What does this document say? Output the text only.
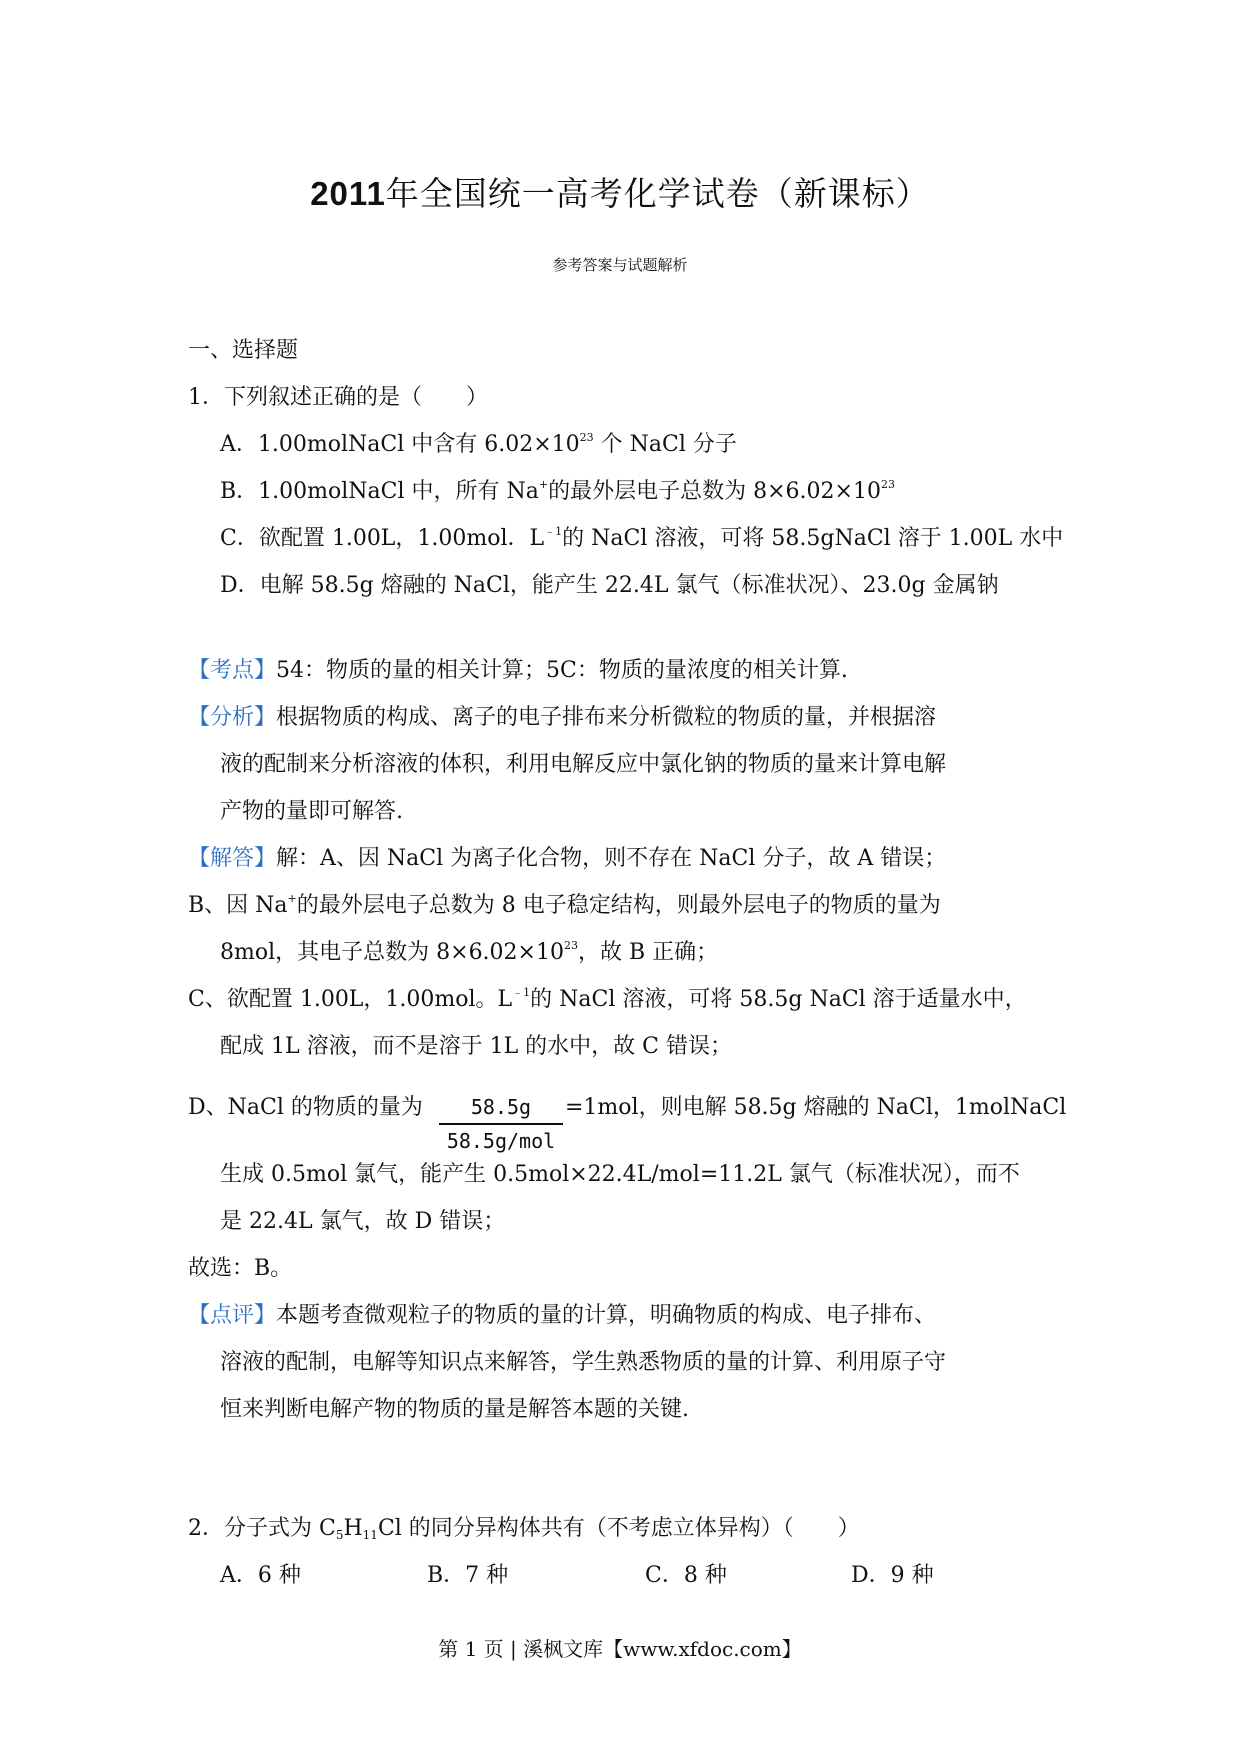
2011年全国统一高考化学试卷（新课标）
参考答案与试题解析
一、选择题
1．下列叙述正确的是（　　）
A．1.00molNaCl 中含有 $6.02\times 10^{23}$ 个 NaCl 分子
B．1.00molNaCl 中，所有 Na+的最外层电子总数为 $8\times 6.02\times 10^{23}$
C．欲配置 1.00L，1.00mol．$L^{﹣1}$的 NaCl 溶液，可将 58.5gNaCl 溶于 1.00L 水中
D．电解 58.5g 熔融的 NaCl，能产生 22.4L 氯气（标准状况）、23.0g 金属钠
【考点】54：物质的量的相关计算；5C：物质的量浓度的相关计算.
【分析】根据物质的构成、离子的电子排布来分析微粒的物质的量，并根据溶
液的配制来分析溶液的体积，利用电解反应中氯化钠的物质的量来计算电解
产物的量即可解答.
【解答】解：A、因 NaCl 为离子化合物，则不存在 NaCl 分子，故 A 错误；
B、因 Na+的最外层电子总数为 8 电子稳定结构，则最外层电子的物质的量为
8mol，其电子总数为 $8\times 6.02\times 10^{23}$，故 B 正确；
C、欲配置 1.00L，1.00mol。$L^{﹣1}$的 NaCl 溶液，可将 58.5g NaCl 溶于适量水中，
配成 1L 溶液，而不是溶于 1L 的水中，故 C 错误；
D、NaCl 的物质的量为	58.5g
58.5g/mol
=1mol，则电解 58.5g 熔融的 NaCl，1molNaCl
生成 0.5mol 氯气，能产生 0.5mol×22.4L/mol=11.2L 氯气（标准状况），而不
是 22.4L 氯气，故 D 错误；
故选：B。
【点评】本题考查微观粒子的物质的量的计算，明确物质的构成、电子排布、
溶液的配制，电解等知识点来解答，学生熟悉物质的量的计算、利用原子守
恒来判断电解产物的物质的量是解答本题的关键.
2．分子式为 $C_5H_{11}Cl$ 的同分异构体共有（不考虑立体异构）（　　）
A．6 种	B．7 种	C．8 种	D．9 种
第 1 页 | 溪枫文库【www.xfdoc.com】
